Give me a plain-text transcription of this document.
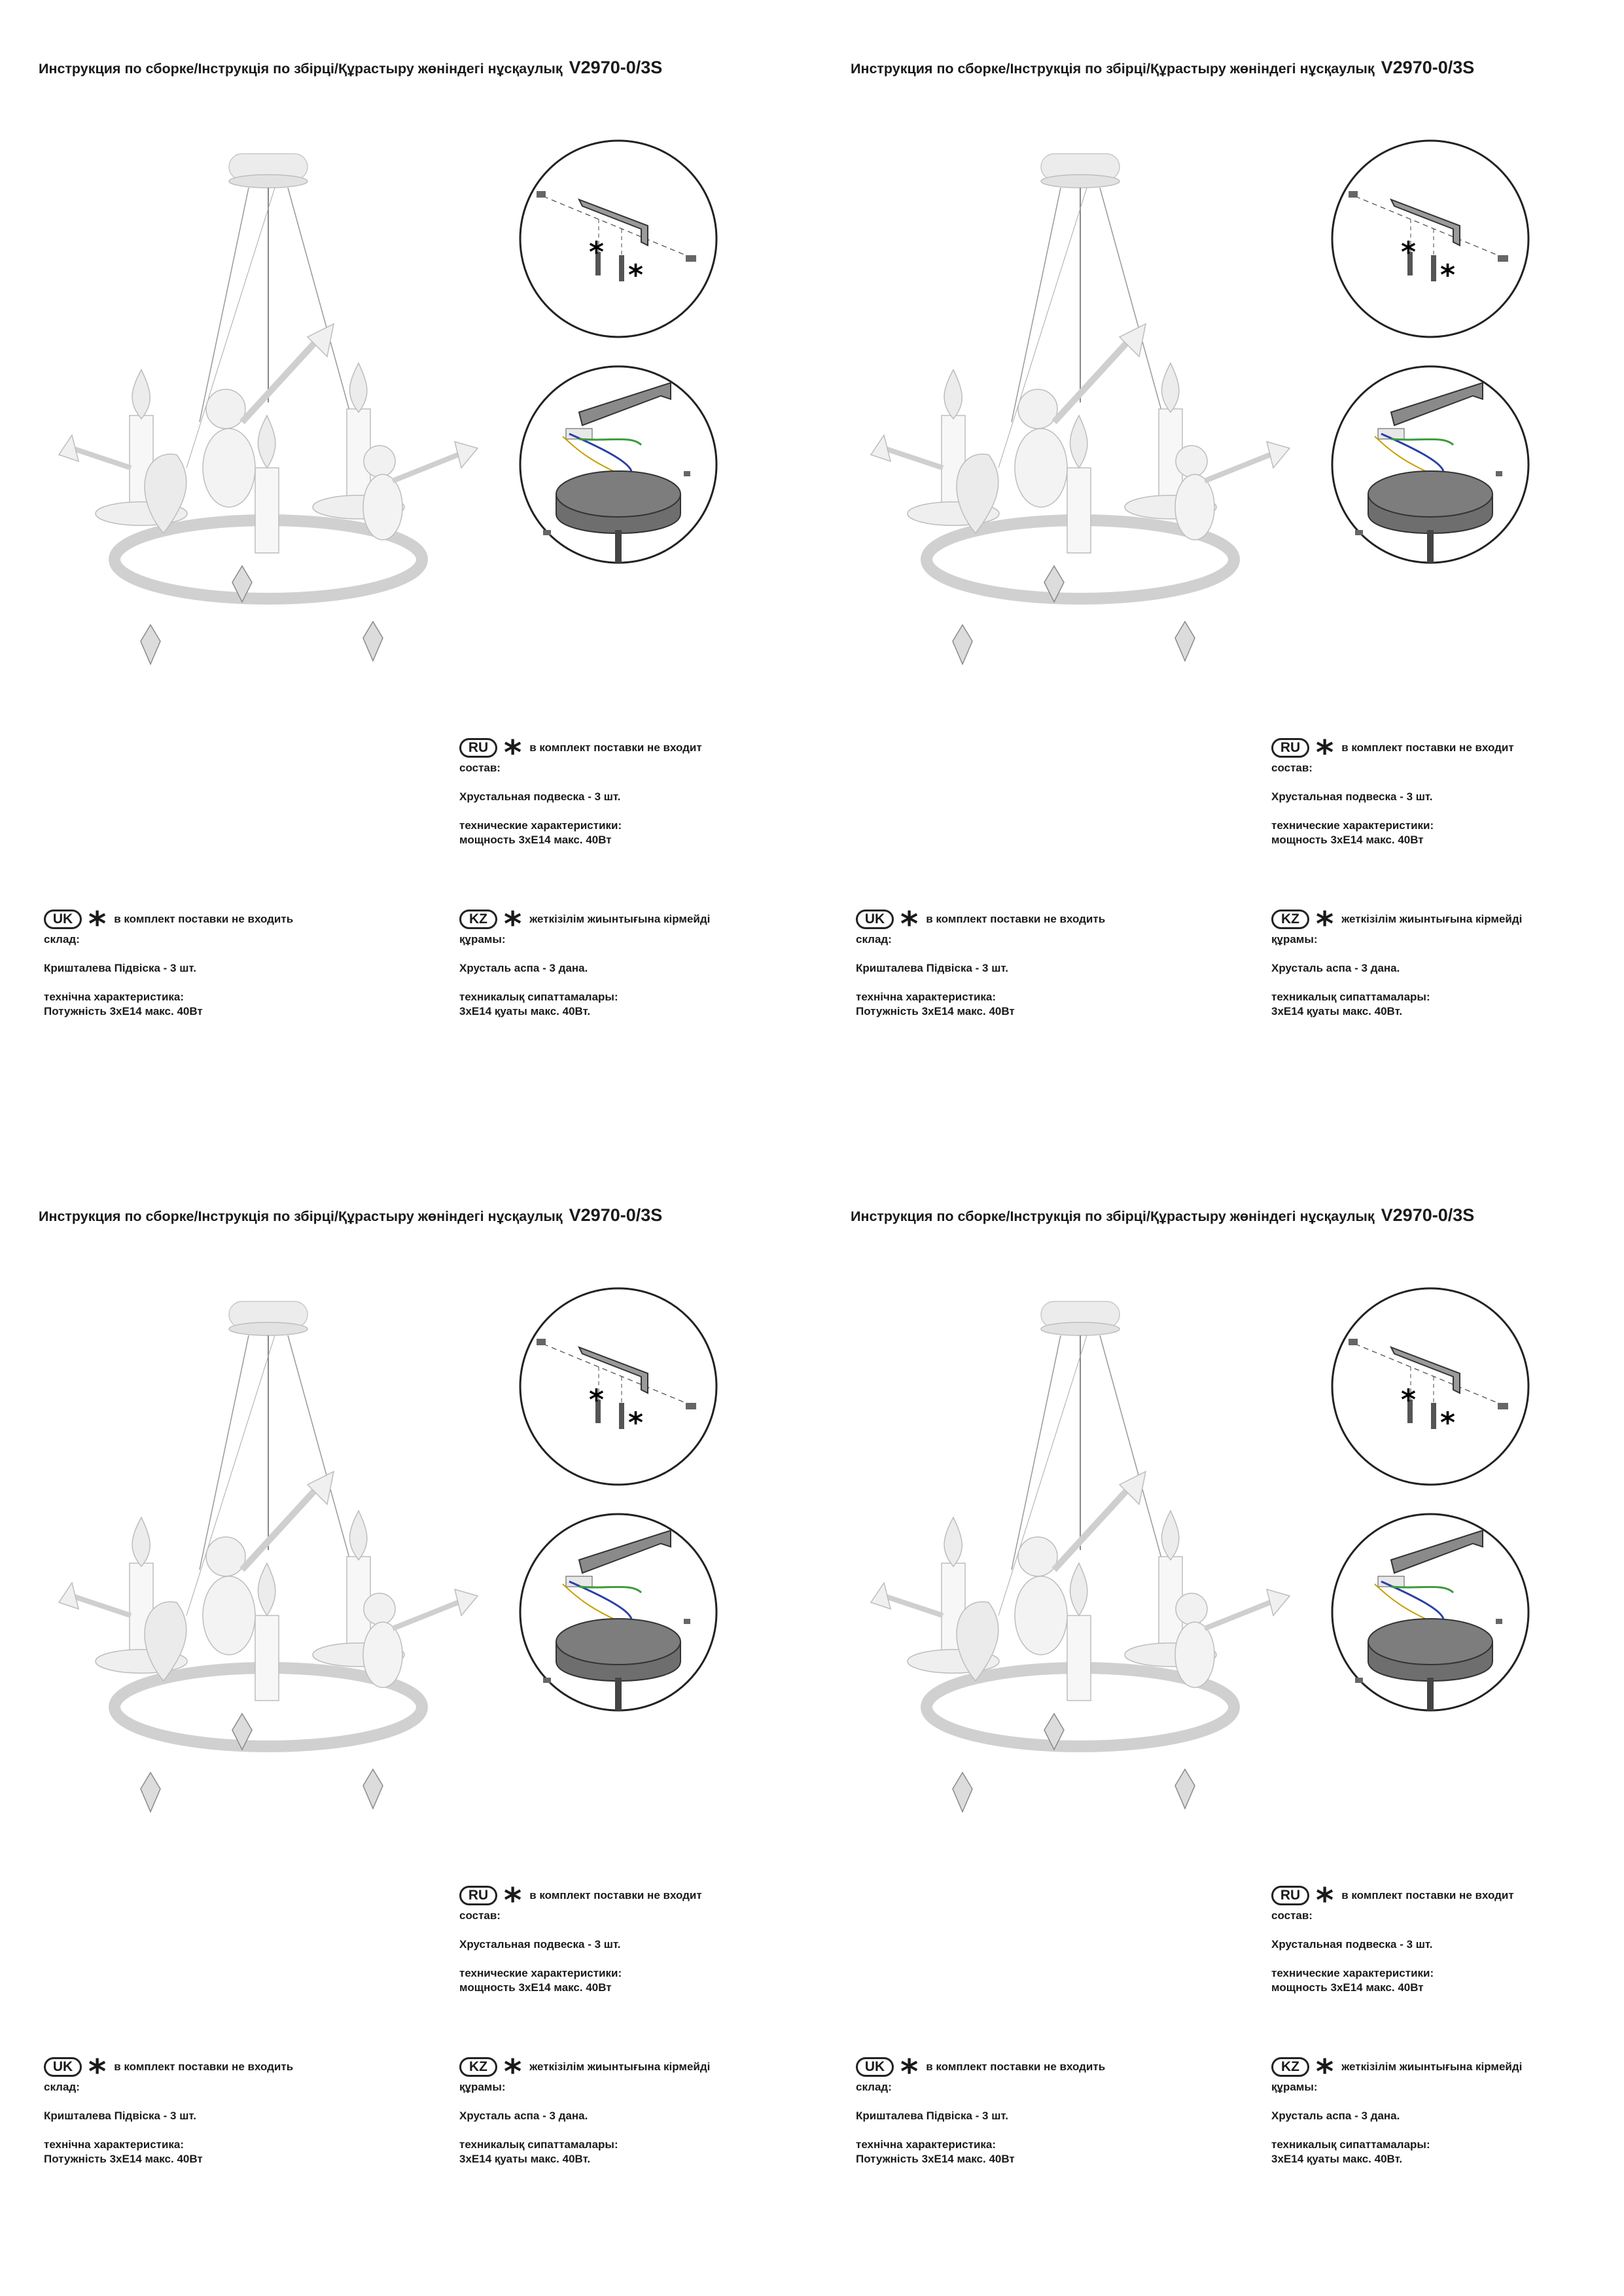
Инструкция по сборке/Інструкція по збірці/Құрастыру жөніндегі нұсқаулық V2970-0/3S
*
*
RU * в комплект поставки не входит

состав:

Хрустальная подвеска - 3 шт.

технические характеристики:

мощность 3хЕ14 макс. 40Вт

UK * в комплект поставки не входить

склад:

Кришталева Підвіска - 3 шт.

технічна характеристика:

Потужність 3хЕ14 макс. 40Вт

KZ * жеткізілім жиынтығына кірмейді

құрамы:

Хрусталь аспа - 3 дана.

техникалық сипаттамалары:

3хЕ14 қуаты макс. 40Вт.

Инструкция по сборке/Інструкція по збірці/Құрастыру жөніндегі нұсқаулық V2970-0/3S
*
*
RU * в комплект поставки не входит

состав:

Хрустальная подвеска - 3 шт.

технические характеристики:

мощность 3хЕ14 макс. 40Вт

UK * в комплект поставки не входить

склад:

Кришталева Підвіска - 3 шт.

технічна характеристика:

Потужність 3хЕ14 макс. 40Вт

KZ * жеткізілім жиынтығына кірмейді

құрамы:

Хрусталь аспа - 3 дана.

техникалық сипаттамалары:

3хЕ14 қуаты макс. 40Вт.

Инструкция по сборке/Інструкція по збірці/Құрастыру жөніндегі нұсқаулық V2970-0/3S
*
*
RU * в комплект поставки не входит

состав:

Хрустальная подвеска - 3 шт.

технические характеристики:

мощность 3хЕ14 макс. 40Вт

UK * в комплект поставки не входить

склад:

Кришталева Підвіска - 3 шт.

технічна характеристика:

Потужність 3хЕ14 макс. 40Вт

KZ * жеткізілім жиынтығына кірмейді

құрамы:

Хрусталь аспа - 3 дана.

техникалық сипаттамалары:

3хЕ14 қуаты макс. 40Вт.

Инструкция по сборке/Інструкція по збірці/Құрастыру жөніндегі нұсқаулық V2970-0/3S
*
*
RU * в комплект поставки не входит

состав:

Хрустальная подвеска - 3 шт.

технические характеристики:

мощность 3хЕ14 макс. 40Вт

UK * в комплект поставки не входить

склад:

Кришталева Підвіска - 3 шт.

технічна характеристика:

Потужність 3хЕ14 макс. 40Вт

KZ * жеткізілім жиынтығына кірмейді

құрамы:

Хрусталь аспа - 3 дана.

техникалық сипаттамалары:

3хЕ14 қуаты макс. 40Вт.
